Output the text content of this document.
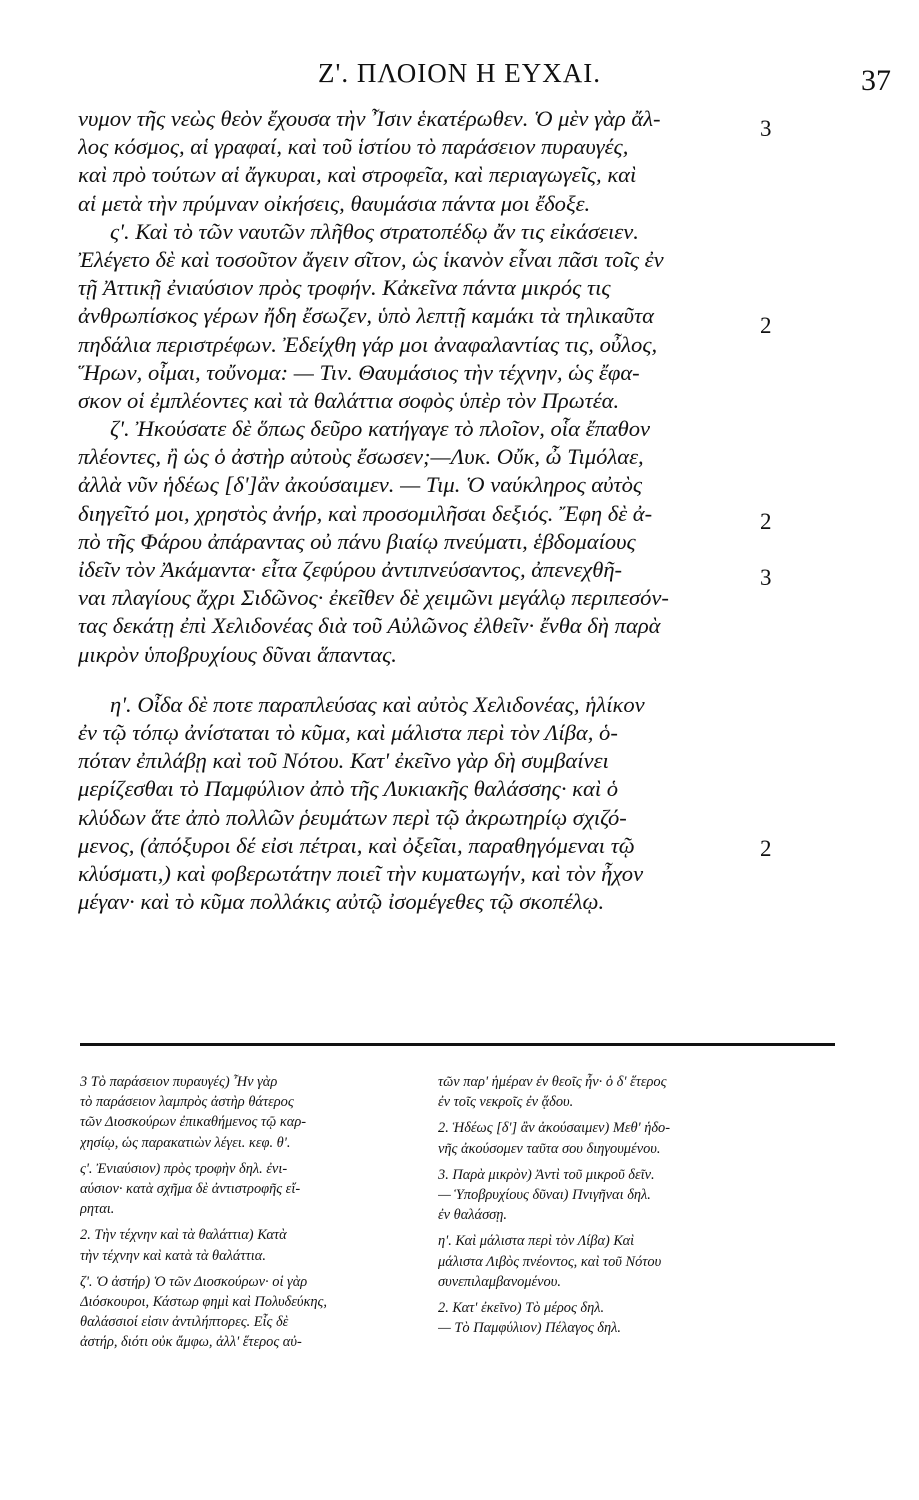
Ζ'. ΠΛΟΙΟΝ Η ΕΥΧΑΙ.	37
νυμον τῆς νεὼς θεὸν ἔχουσα τὴν Ἶσιν ἑκατέρωθεν. Ὁ μὲν γὰρ ἄλ-
λος κόσμος, αἱ γραφαί, καὶ τοῦ ἱστίου τὸ παράσειον πυραυγές,
καὶ πρὸ τούτων αἱ ἄγκυραι, καὶ στροφεῖα, καὶ περιαγωγεῖς, καὶ
αἱ μετὰ τὴν πρύμναν οἰκήσεις, θαυμάσια πάντα μοι ἔδοξε.
ς'. Καὶ τὸ τῶν ναυτῶν πλῆθος στρατοπέδῳ ἄν τις εἰκάσειεν.
Ἐλέγετο δὲ καὶ τοσοῦτον ἄγειν σῖτον, ὡς ἱκανὸν εἶναι πᾶσι τοῖς ἐν
τῇ Ἀττικῇ ἐνιαύσιον πρὸς τροφήν. Κἀκεῖνα πάντα μικρός τις
ἀνθρωπίσκος γέρων ἤδη ἔσωζεν, ὑπὸ λεπτῇ καμάκι τὰ τηλικαῦτα
πηδάλια περιστρέφων. Ἐδείχθη γάρ μοι ἀναφαλαντίας τις, οὖλος,
Ἥρων, οἶμαι, τοὔνομα: — Τιν. Θαυμάσιος τὴν τέχνην, ὡς ἔφα-
σκον οἱ ἐμπλέοντες καὶ τὰ θαλάττια σοφὸς ὑπὲρ τὸν Πρωτέα.
ζ'. Ἠκούσατε δὲ ὅπως δεῦρο κατήγαγε τὸ πλοῖον, οἷα ἔπαθον
πλέοντες, ἢ ὡς ὁ ἀστὴρ αὐτοὺς ἔσωσεν;—Λυκ. Οὔκ, ὦ Τιμόλαε,
ἀλλὰ νῦν ἡδέως [δ']ἂν ἀκούσαιμεν. — Τιμ. Ὁ ναύκληρος αὐτὸς
διηγεῖτό μοι, χρηστὸς ἀνήρ, καὶ προσομιλῆσαι δεξιός. Ἔφη δὲ ἀ-
πὸ τῆς Φάρου ἀπάραντας οὐ πάνυ βιαίῳ πνεύματι, ἑβδομαίους
ἰδεῖν τὸν Ἀκάμαντα· εἶτα ζεφύρου ἀντιπνεύσαντος, ἀπενεχθῆ-
ναι πλαγίους ἄχρι Σιδῶνος· ἐκεῖθεν δὲ χειμῶνι μεγάλῳ περιπεσόν-
τας δεκάτῃ ἐπὶ Χελιδονέας διὰ τοῦ Αὐλῶνος ἐλθεῖν· ἔνθα δὴ παρὰ
μικρὸν ὑποβρυχίους δῦναι ἅπαντας.
η'. Οἶδα δὲ ποτε παραπλεύσας καὶ αὐτὸς Χελιδονέας, ἡλίκον
ἐν τῷ τόπῳ ἀνίσταται τὸ κῦμα, καὶ μάλιστα περὶ τὸν Λίβα, ὁ-
πόταν ἐπιλάβῃ καὶ τοῦ Νότου. Κατ' ἐκεῖνο γὰρ δὴ συμβαίνει
μερίζεσθαι τὸ Παμφύλιον ἀπὸ τῆς Λυκιακῆς θαλάσσης· καὶ ὁ
κλύδων ἅτε ἀπὸ πολλῶν ῥευμάτων περὶ τῷ ἀκρωτηρίῳ σχιζό-
μενος, (ἀπόξυροι δέ εἰσι πέτραι, καὶ ὀξεῖαι, παραθηγόμεναι τῷ
κλύσματι,) καὶ φοβερωτάτην ποιεῖ τὴν κυματωγήν, καὶ τὸν ἦχον
μέγαν· καὶ τὸ κῦμα πολλάκις αὐτῷ ἰσομέγεθες τῷ σκοπέλῳ.
3
2
2
3
2
3 Τὸ παράσειον πυραυγές) Ἦν γὰρ
τὸ παράσειον λαμπρὸς ἀστὴρ θάτερος
τῶν Διοσκούρων ἐπικαθήμενος τῷ καρ-
χησίῳ, ὡς παρακατιὼν λέγει. κεφ. θ'.
ς'. Ἐνιαύσιον) πρὸς τροφὴν δηλ. ἐνι-
αύσιον· κατὰ σχῆμα δὲ ἀντιστροφῆς εἴ-
ρηται.
2. Τὴν τέχνην καὶ τὰ θαλάττια) Κατὰ
τὴν τέχνην καὶ κατὰ τὰ θαλάττια.
ζ'. Ὁ ἀστήρ) Ὁ τῶν Διοσκούρων· οἱ γὰρ
Διόσκουροι, Κάστωρ φημὶ καὶ Πολυδεύκης,
θαλάσσιοί εἰσιν ἀντιλήπτορες. Εἷς δὲ
ἀστήρ, διότι οὐκ ἄμφω, ἀλλ' ἕτερος αὐ-
τῶν παρ' ἡμέραν ἐν θεοῖς ἦν· ὁ δ' ἕτερος
ἐν τοῖς νεκροῖς ἐν ᾅδου.
2. Ἡδέως [δ'] ἂν ἀκούσαιμεν) Μεθ' ἡδο-
νῆς ἀκούσομεν ταῦτα σου διηγουμένου.
3. Παρὰ μικρὸν) Ἀντὶ τοῦ μικροῦ δεῖν.
— Ὑποβρυχίους δῦναι) Πνιγῆναι δηλ.
ἐν θαλάσσῃ.
η'. Καὶ μάλιστα περὶ τὸν Λίβα) Καὶ
μάλιστα Λιβὸς πνέοντος, καὶ τοῦ Νότου
συνεπιλαμβανομένου.
2. Κατ' ἐκεῖνο) Τὸ μέρος δηλ.
— Τὸ Παμφύλιον) Πέλαγος δηλ.
